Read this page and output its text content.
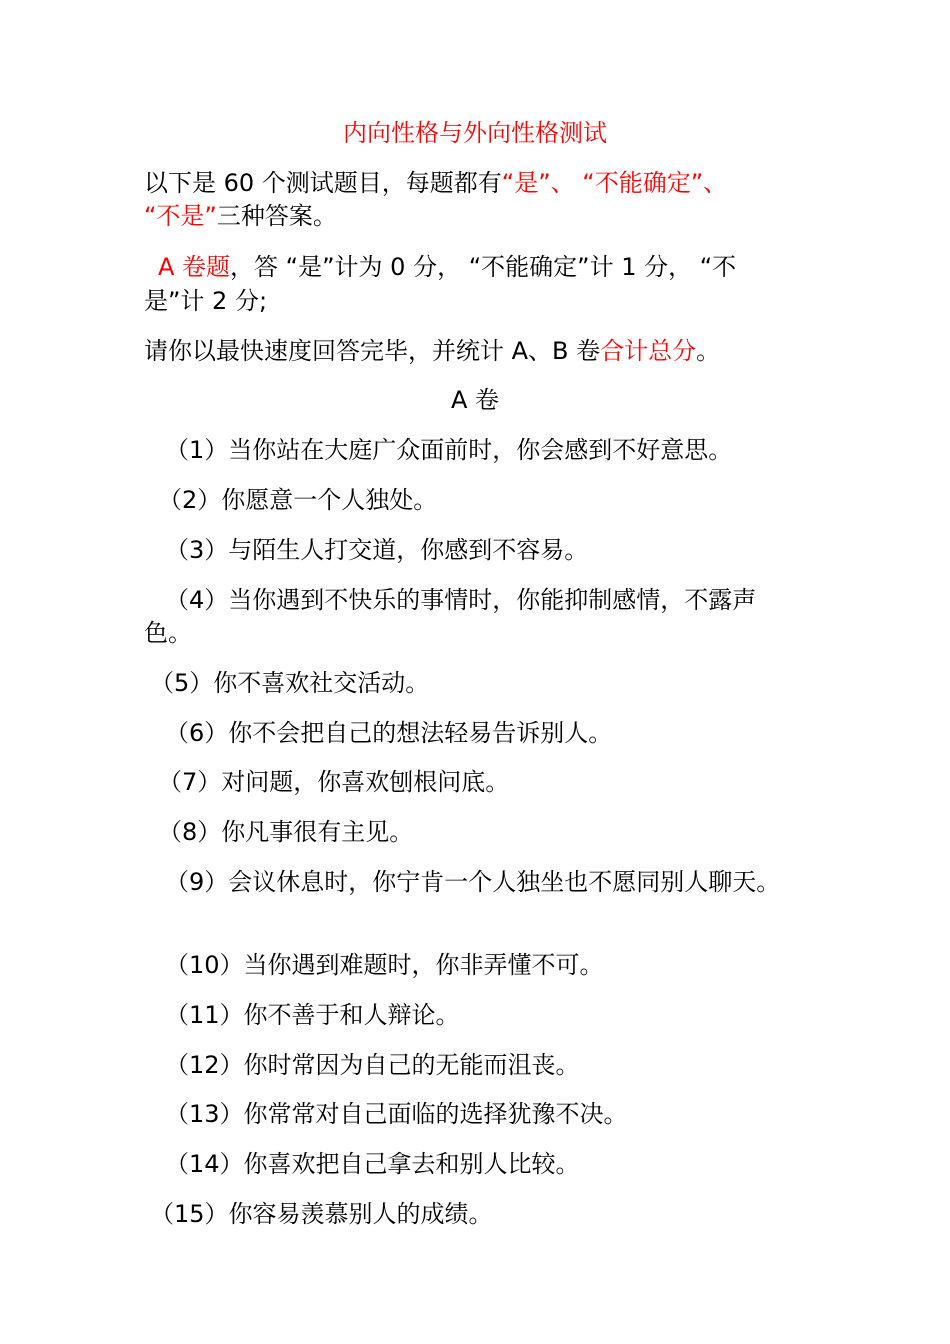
内向性格与外向性格测试
以下是 60 个测试题目，每题都有“是”、 “不能确定”、
“不是”三种答案。
A 卷题，答 “是”计为 0 分， “不能确定”计 1 分， “不
是”计 2 分;
请你以最快速度回答完毕，并统计 A、B 卷合计总分。
A 卷
（1）当你站在大庭广众面前时，你会感到不好意思。
（2）你愿意一个人独处。
（3）与陌生人打交道，你感到不容易。
（4）当你遇到不快乐的事情时，你能抑制感情，不露声
色。
（5）你不喜欢社交活动。
（6）你不会把自己的想法轻易告诉别人。
（7）对问题，你喜欢刨根问底。
（8）你凡事很有主见。
（9）会议休息时，你宁肯一个人独坐也不愿同别人聊天。
（10）当你遇到难题时，你非弄懂不可。
（11）你不善于和人辩论。
（12）你时常因为自己的无能而沮丧。
（13）你常常对自己面临的选择犹豫不决。
（14）你喜欢把自己拿去和别人比较。
（15）你容易羡慕别人的成绩。
